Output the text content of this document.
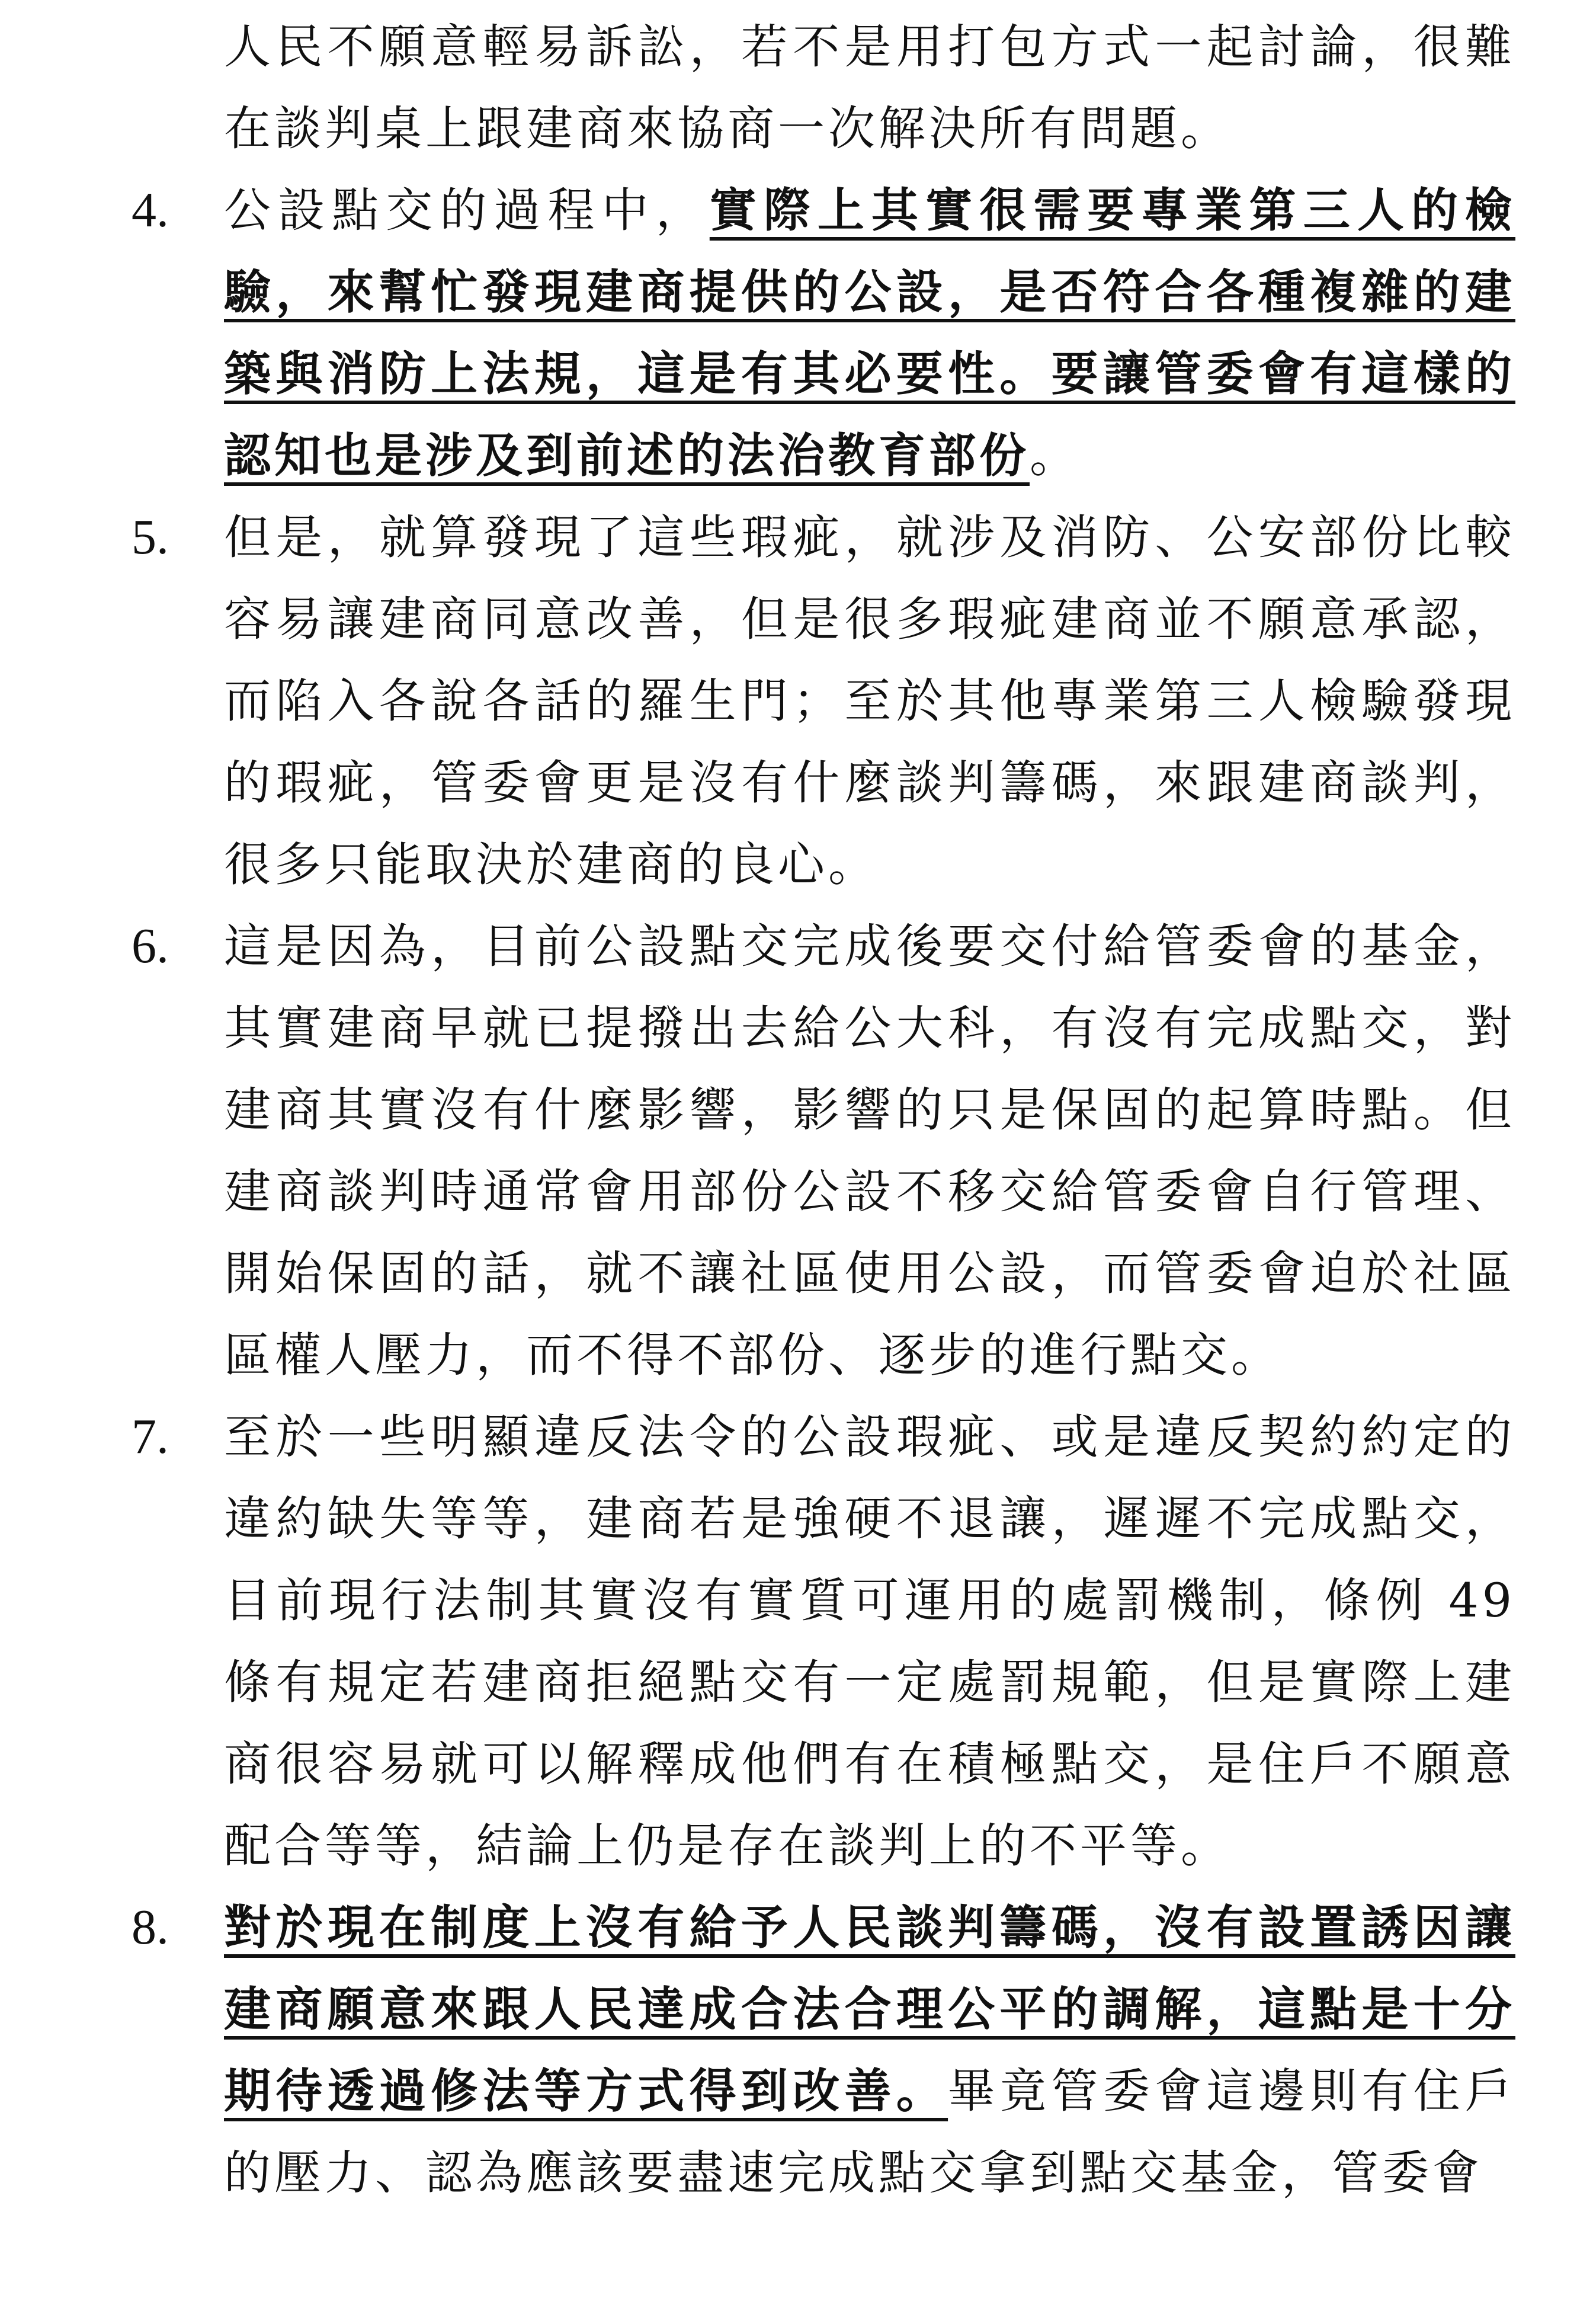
人民不願意輕易訴訟，若不是用打包方式一起討論，很難在談判桌上跟建商來協商一次解決所有問題。
4. 公設點交的過程中，實際上其實很需要專業第三人的檢驗，來幫忙發現建商提供的公設，是否符合各種複雜的建築與消防上法規，這是有其必要性。要讓管委會有這樣的認知也是涉及到前述的法治教育部份。
5. 但是，就算發現了這些瑕疵，就涉及消防、公安部份比較容易讓建商同意改善，但是很多瑕疵建商並不願意承認，而陷入各說各話的羅生門；至於其他專業第三人檢驗發現的瑕疵，管委會更是沒有什麼談判籌碼，來跟建商談判，很多只能取決於建商的良心。
6. 這是因為，目前公設點交完成後要交付給管委會的基金，其實建商早就已提撥出去給公大科，有沒有完成點交，對建商其實沒有什麼影響，影響的只是保固的起算時點。但建商談判時通常會用部份公設不移交給管委會自行管理、開始保固的話，就不讓社區使用公設，而管委會迫於社區區權人壓力，而不得不部份、逐步的進行點交。
7. 至於一些明顯違反法令的公設瑕疵、或是違反契約約定的違約缺失等等，建商若是強硬不退讓，遲遲不完成點交，目前現行法制其實沒有實質可運用的處罰機制，條例 49 條有規定若建商拒絕點交有一定處罰規範，但是實際上建商很容易就可以解釋成他們有在積極點交，是住戶不願意配合等等，結論上仍是存在談判上的不平等。
8. 對於現在制度上沒有給予人民談判籌碼，沒有設置誘因讓建商願意來跟人民達成合法合理公平的調解，這點是十分期待透過修法等方式得到改善。畢竟管委會這邊則有住戶的壓力、認為應該要盡速完成點交拿到點交基金，管委會
